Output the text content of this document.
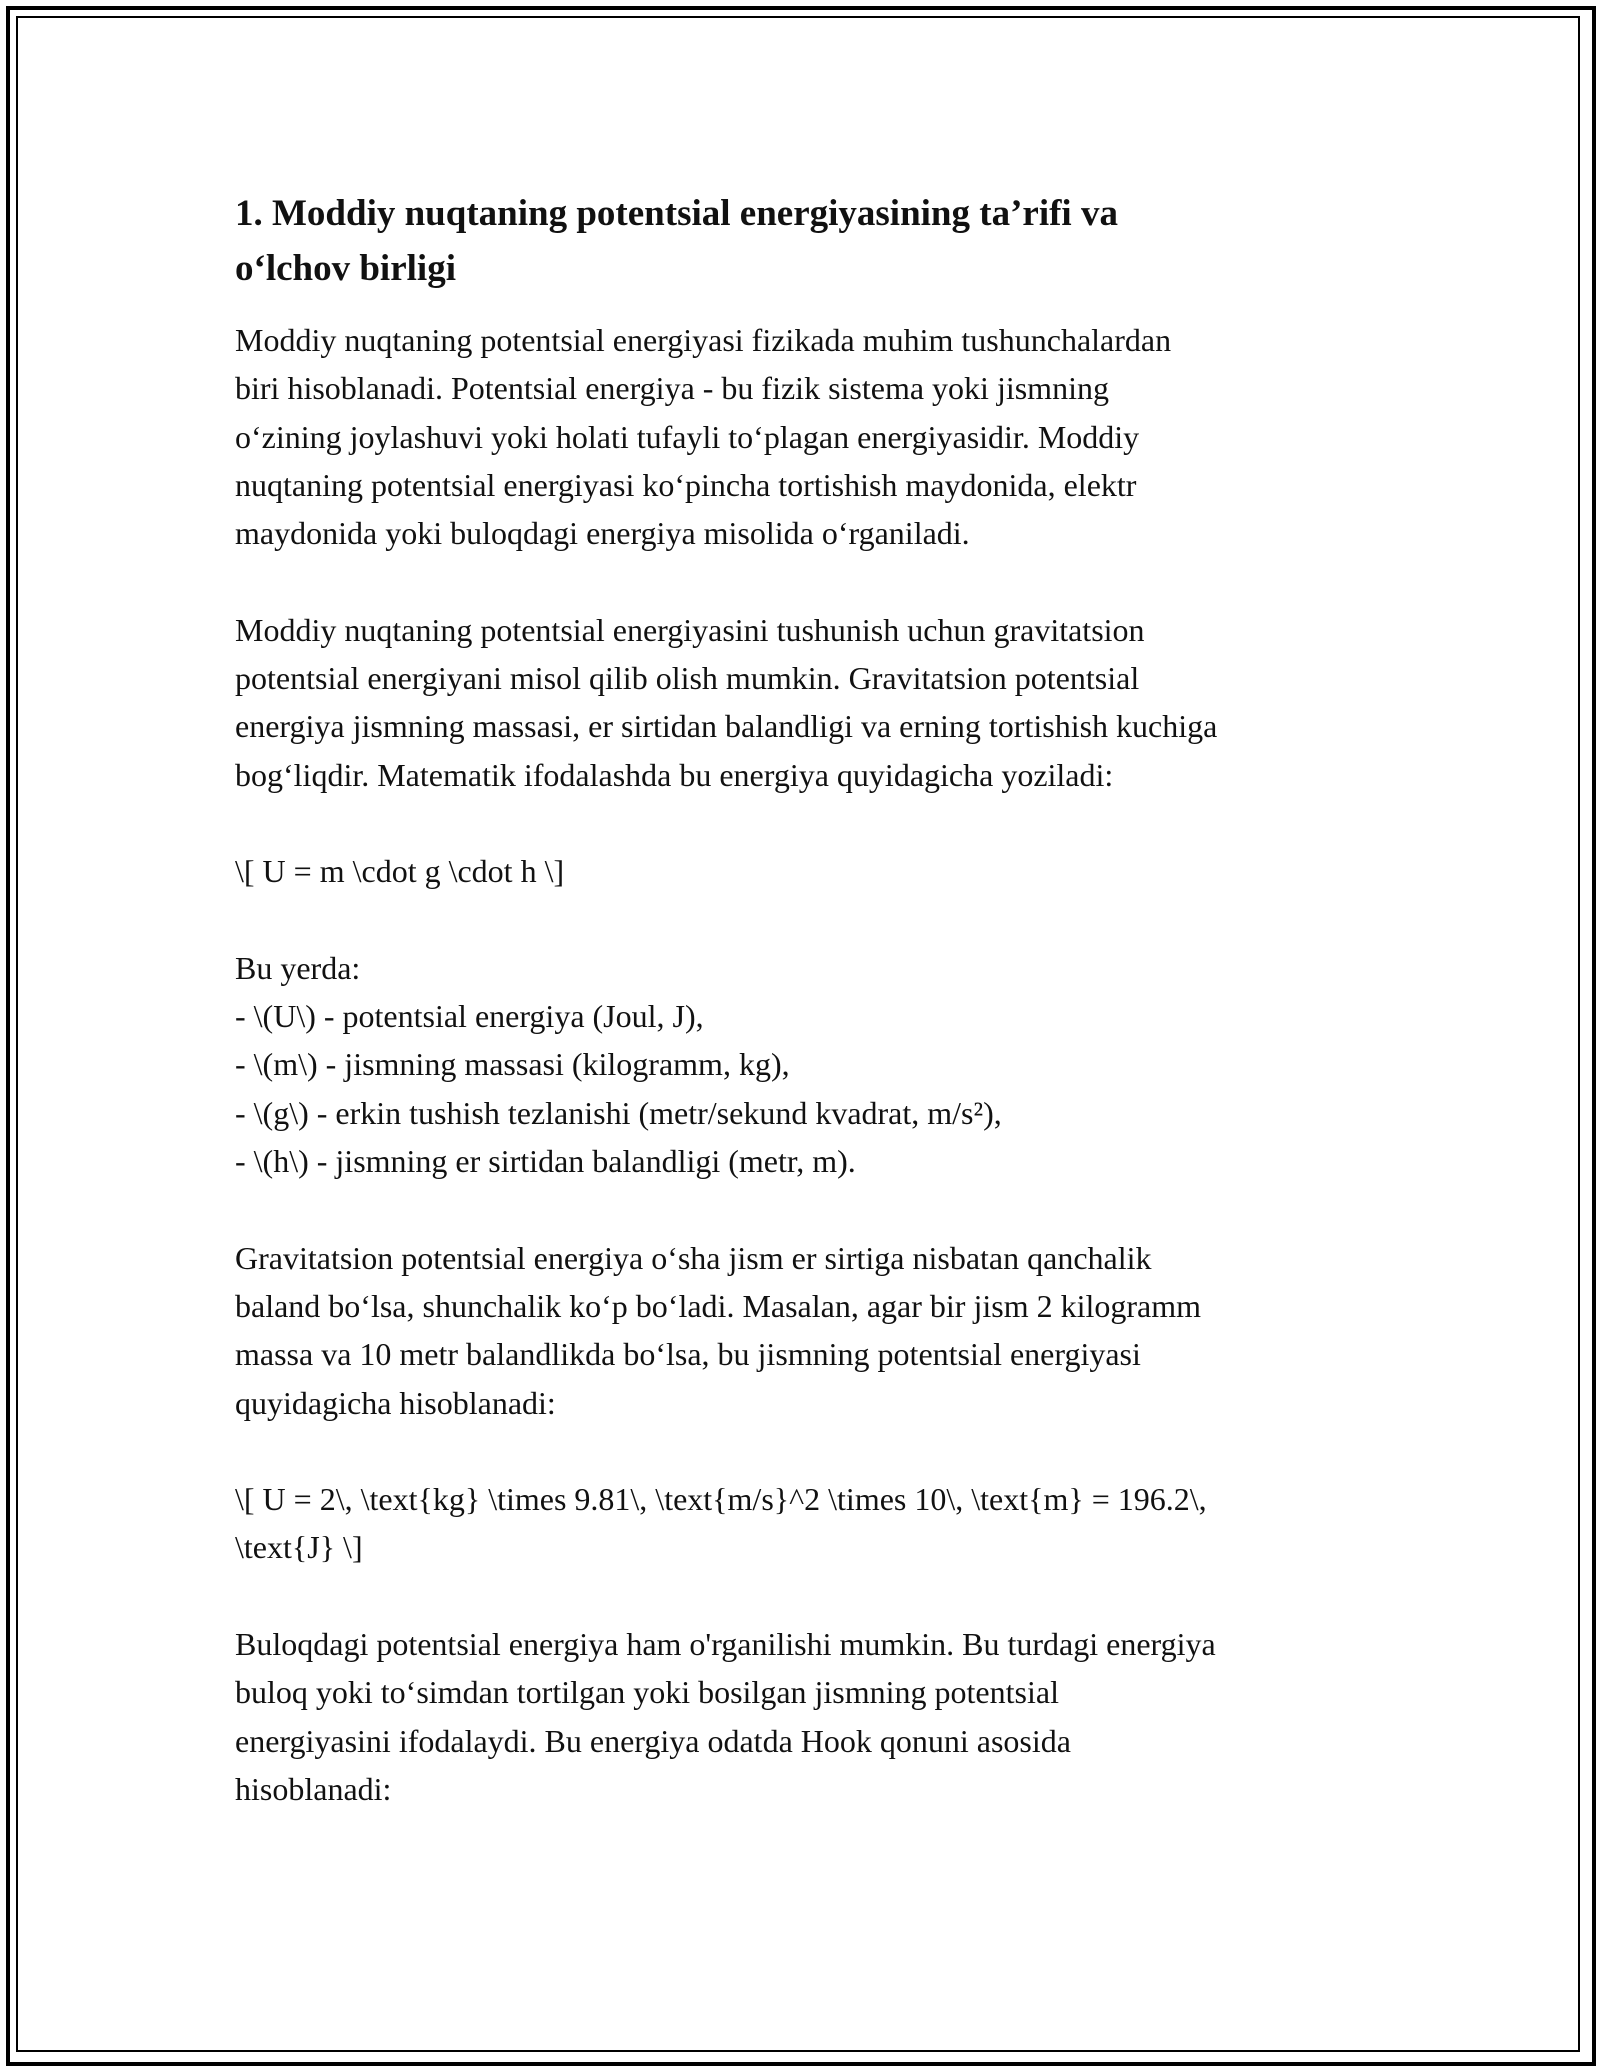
1. Moddiy nuqtaning potentsial energiyasining ta’rifi va
o‘lchov birligi

Moddiy nuqtaning potentsial energiyasi fizikada muhim tushunchalardan
biri hisoblanadi. Potentsial energiya - bu fizik sistema yoki jismning
o‘zining joylashuvi yoki holati tufayli to‘plagan energiyasidir. Moddiy
nuqtaning potentsial energiyasi ko‘pincha tortishish maydonida, elektr
maydonida yoki buloqdagi energiya misolida o‘rganiladi.

Moddiy nuqtaning potentsial energiyasini tushunish uchun gravitatsion
potentsial energiyani misol qilib olish mumkin. Gravitatsion potentsial
energiya jismning massasi, er sirtidan balandligi va erning tortishish kuchiga
bog‘liqdir. Matematik ifodalashda bu energiya quyidagicha yoziladi:

\[ U = m \cdot g \cdot h \]

Bu yerda:
- \(U\) - potentsial energiya (Joul, J),
- \(m\) - jismning massasi (kilogramm, kg),
- \(g\) - erkin tushish tezlanishi (metr/sekund kvadrat, m/s²),
- \(h\) - jismning er sirtidan balandligi (metr, m).

Gravitatsion potentsial energiya o‘sha jism er sirtiga nisbatan qanchalik
baland bo‘lsa, shunchalik ko‘p bo‘ladi. Masalan, agar bir jism 2 kilogramm
massa va 10 metr balandlikda bo‘lsa, bu jismning potentsial energiyasi
quyidagicha hisoblanadi:

\[ U = 2\, \text{kg} \times 9.81\, \text{m/s}^2 \times 10\, \text{m} = 196.2\,
\text{J} \]

Buloqdagi potentsial energiya ham o'rganilishi mumkin. Bu turdagi energiya
buloq yoki to‘simdan tortilgan yoki bosilgan jismning potentsial
energiyasini ifodalaydi. Bu energiya odatda Hook qonuni asosida
hisoblanadi:
